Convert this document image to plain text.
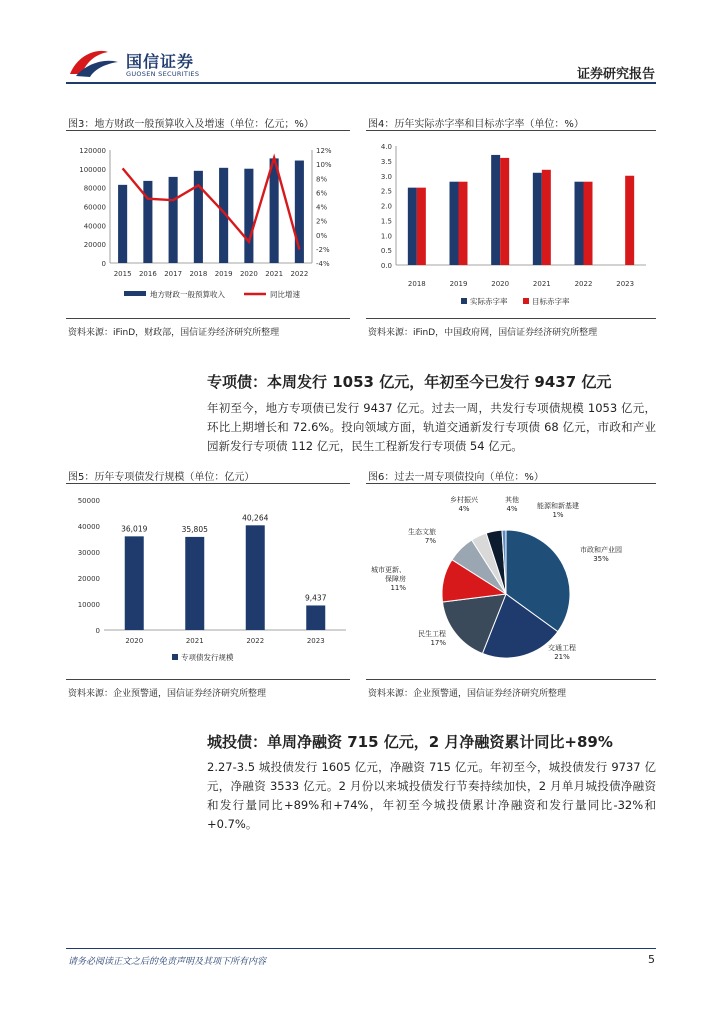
国信证券
GUOSEN SECURITIES	证券研究报告
图3：地方财政一般预算收入及增速（单位：亿元；%）
0
20000
40000
60000
80000
100000
120000
-4%
-2%
0%
2%
4%
6%
8%
10%
12%
2015 2016 2017 2018 2019 2020 2021 2022
地方财政一般预算收入	同比增速
资料来源：iFinD，财政部，国信证券经济研究所整理
图4：历年实际赤字率和目标赤字率（单位：%）
0.0
0.5
1.0
1.5
2.0
2.5
3.0
3.5
4.0
2018	2019	2020	2021	2022	2023
实际赤字率	目标赤字率
资料来源：iFinD，中国政府网，国信证券经济研究所整理
专项债：本周发行 1053 亿元，年初至今已发行 9437 亿元

年初至今，地方专项债已发行 9437 亿元。过去一周，共发行专项债规模 1053 亿元，环比上期增长和 72.6%。投向领域方面，轨道交通新发行专项债 68 亿元，市政和产业园新发行专项债 112 亿元，民生工程新发行专项债 54 亿元。

图5：历年专项债发行规模（单位：亿元）
0
10000
20000
30000
40000
50000
36,019
2020
35,805
2021
40,264
2022
9,437
2023
专项债发行规模
资料来源：企业预警通，国信证券经济研究所整理
图6：过去一周专项债投向（单位：%）
市政和产业园
35%
交通工程
21%
民生工程
17%
城市更新、
保障房
11%
生态文旅
7%
乡村振兴
4%
其他
4%	能源和新基建
1%
资料来源：企业预警通，国信证券经济研究所整理
城投债：单周净融资 715 亿元，2 月净融资累计同比+89%

2.27-3.5 城投债发行 1605 亿元，净融资 715 亿元。年初至今，城投债发行 9737 亿元，净融资 3533 亿元。2 月份以来城投债发行节奏持续加快，2 月单月城投债净融资和发行量同比+89%和+74%，年初至今城投债累计净融资和发行量同比-32%和+0.7%。

请务必阅读正文之后的免责声明及其项下所有内容	5
